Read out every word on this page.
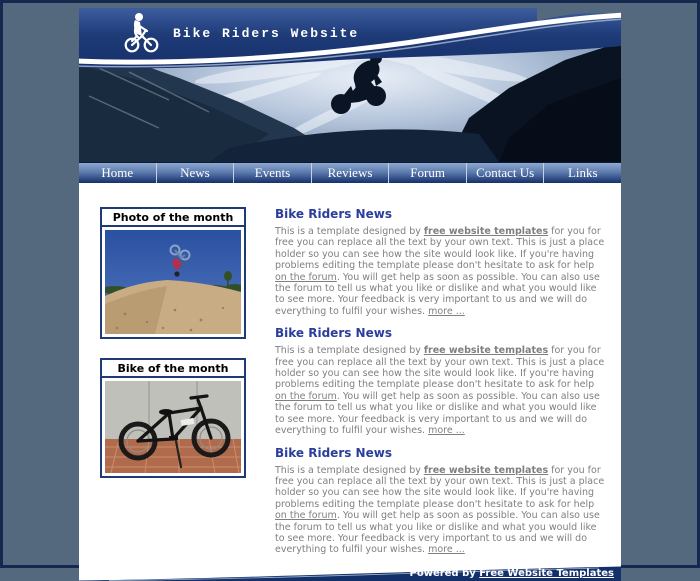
Bike Riders Website
Home	News	Events	Reviews	Forum	Contact Us	Links
Photo of the month
Bike of the month
Bike Riders News

This is a template designed by free website templates for you for free you can replace all the text by your own text. This is just a place holder so you can see how the site would look like. If you're having problems editing the template please don't hesitate to ask for help on the forum. You will get help as soon as possible. You can also use the forum to tell us what you like or dislike and what you would like to see more. Your feedback is very important to us and we will do everything to fulfil your wishes. more ...

Bike Riders News

This is a template designed by free website templates for you for free you can replace all the text by your own text. This is just a place holder so you can see how the site would look like. If you're having problems editing the template please don't hesitate to ask for help on the forum. You will get help as soon as possible. You can also use the forum to tell us what you like or dislike and what you would like to see more. Your feedback is very important to us and we will do everything to fulfil your wishes. more ...

Bike Riders News

This is a template designed by free website templates for you for free you can replace all the text by your own text. This is just a place holder so you can see how the site would look like. If you're having problems editing the template please don't hesitate to ask for help on the forum. You will get help as soon as possible. You can also use the forum to tell us what you like or dislike and what you would like to see more. Your feedback is very important to us and we will do everything to fulfil your wishes. more ...

Powered by Free Website Templates
